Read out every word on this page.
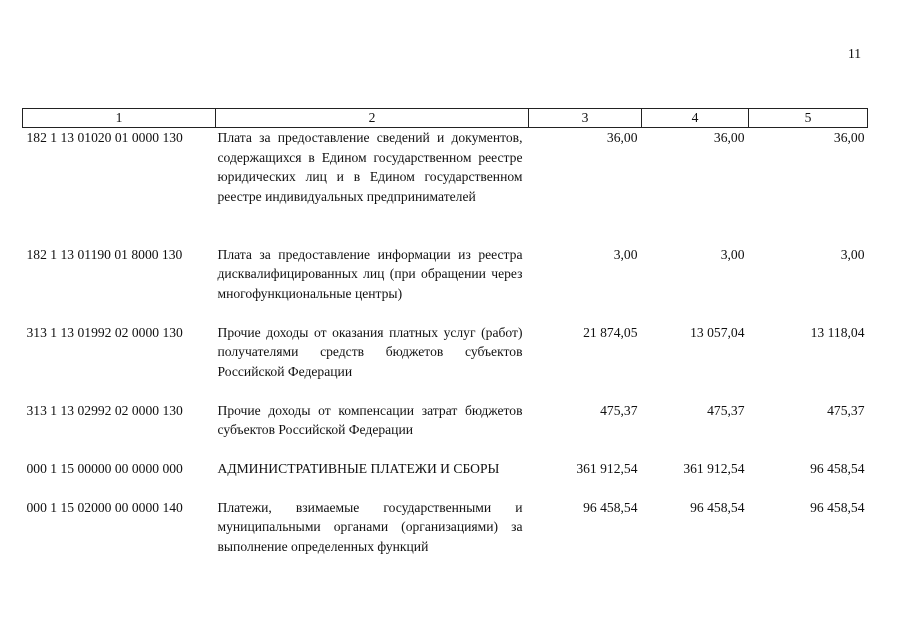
11
1	2	3	4	5
182 1 13 01020 01 0000 130	Плата за предоставление сведений и документов, содержащихся в Едином государственном реестре юридических лиц и в Едином государственном реестре индивидуальных предпринимателей	36,00	36,00	36,00
182 1 13 01190 01 8000 130	Плата за предоставление информации из реестра дисквалифицированных лиц (при обращении через многофункциональные центры)	3,00	3,00	3,00
313 1 13 01992 02 0000 130	Прочие доходы от оказания платных услуг (работ) получателями средств бюджетов субъектов Российской Федерации	21 874,05	13 057,04	13 118,04
313 1 13 02992 02 0000 130	Прочие доходы от компенсации затрат бюджетов субъектов Российской Федерации	475,37	475,37	475,37
000 1 15 00000 00 0000 000	АДМИНИСТРАТИВНЫЕ ПЛАТЕЖИ И СБОРЫ	361 912,54	361 912,54	96 458,54
000 1 15 02000 00 0000 140	Платежи, взимаемые государственными и муниципальными органами (организациями) за выполнение определенных функций	96 458,54	96 458,54	96 458,54
